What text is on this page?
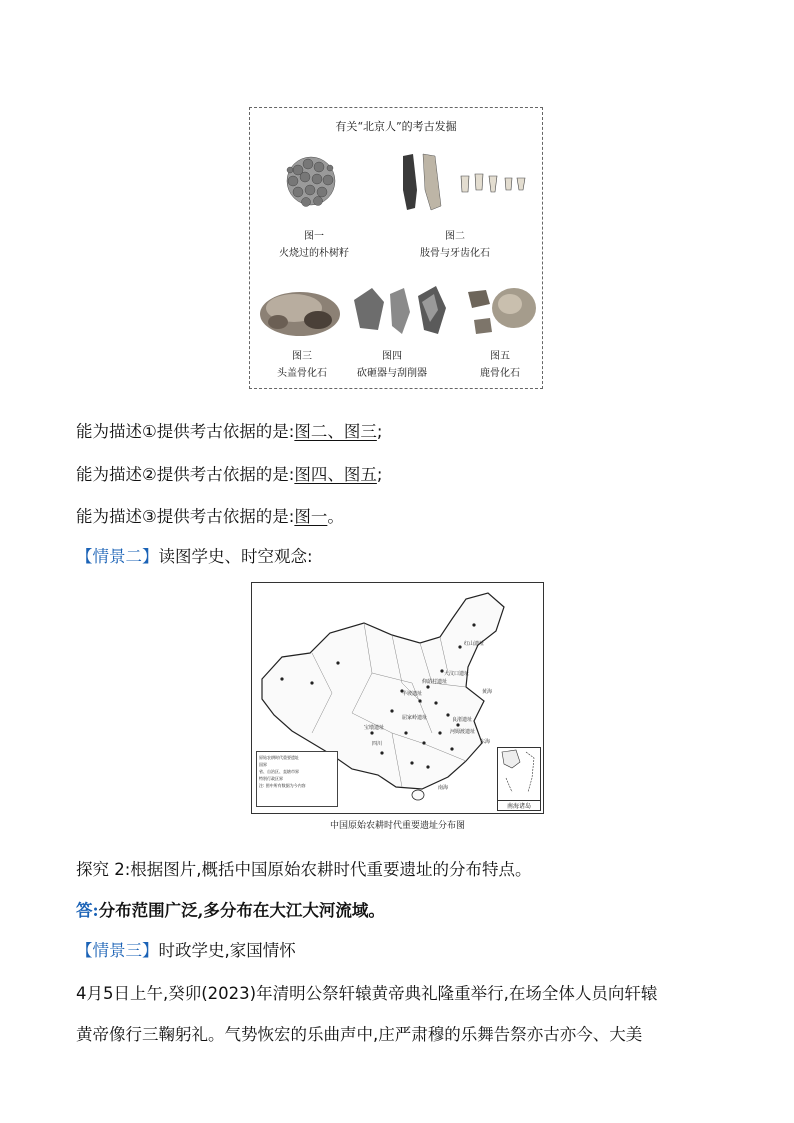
有关“北京人”的考古发掘
图一
火烧过的朴树籽
图二
肢骨与牙齿化石
图三
头盖骨化石
图四
砍砸器与刮削器
图五
鹿骨化石
能为描述①提供考古依据的是:图二、图三;
能为描述②提供考古依据的是:图四、图五;
能为描述③提供考古依据的是:图一。
【情景二】读图学史、时空观念:
红山遗址
半坡遗址
大汶口遗址
河姆渡遗址
良渚遗址
宝墩遗址
屈家岭遗址
仰韶村遗址
四川
黄海
东海
南海
原始农耕时代重要遗址
国界
省、自治区、直辖市界
特别行政区界
注: 图中所有数据为今内容
南海诸岛
中国原始农耕时代重要遗址分布图
探究 2:根据图片,概括中国原始农耕时代重要遗址的分布特点。
答:分布范围广泛,多分布在大江大河流域。
【情景三】时政学史,家国情怀
4月5日上午,癸卯(2023)年清明公祭轩辕黄帝典礼隆重举行,在场全体人员向轩辕
黄帝像行三鞠躬礼。气势恢宏的乐曲声中,庄严肃穆的乐舞告祭亦古亦今、大美
